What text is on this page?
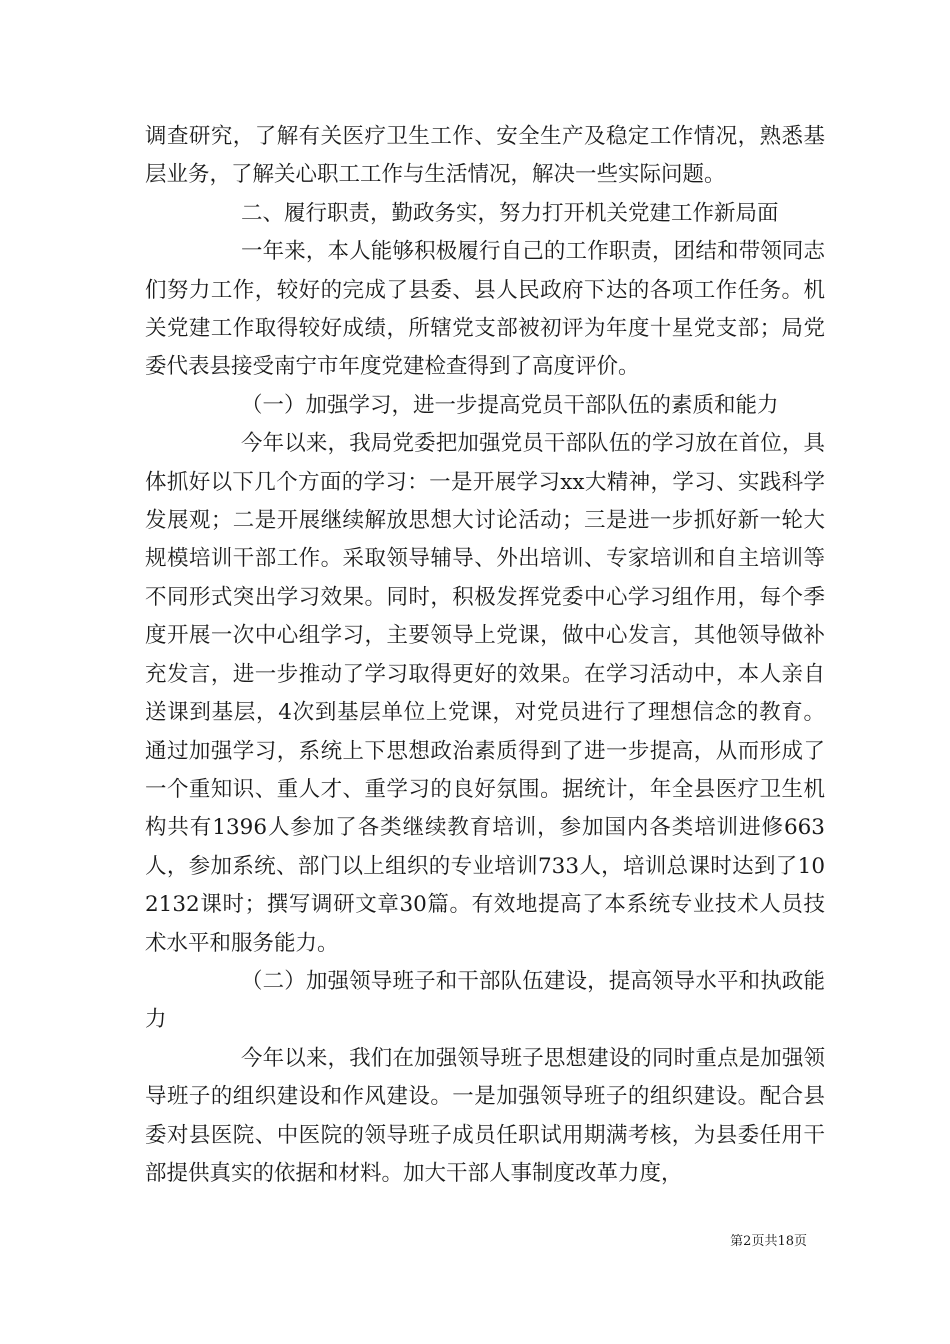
调查研究，了解有关医疗卫生工作、安全生产及稳定工作情况，熟悉基层业务，了解关心职工工作与生活情况，解决一些实际问题。

二、履行职责，勤政务实，努力打开机关党建工作新局面

一年来，本人能够积极履行自己的工作职责，团结和带领同志们努力工作，较好的完成了县委、县人民政府下达的各项工作任务。机关党建工作取得较好成绩，所辖党支部被初评为年度十星党支部；局党委代表县接受南宁市年度党建检查得到了高度评价。

（一）加强学习，进一步提高党员干部队伍的素质和能力

今年以来，我局党委把加强党员干部队伍的学习放在首位，具体抓好以下几个方面的学习：一是开展学习xx大精神，学习、实践科学发展观；二是开展继续解放思想大讨论活动；三是进一步抓好新一轮大规模培训干部工作。采取领导辅导、外出培训、专家培训和自主培训等不同形式突出学习效果。同时，积极发挥党委中心学习组作用，每个季度开展一次中心组学习，主要领导上党课，做中心发言，其他领导做补充发言，进一步推动了学习取得更好的效果。在学习活动中，本人亲自送课到基层，4次到基层单位上党课，对党员进行了理想信念的教育。通过加强学习，系统上下思想政治素质得到了进一步提高，从而形成了一个重知识、重人才、重学习的良好氛围。据统计，年全县医疗卫生机构共有1396人参加了各类继续教育培训，参加国内各类培训进修663人，参加系统、部门以上组织的专业培训733人，培训总课时达到了102132课时；撰写调研文章30篇。有效地提高了本系统专业技术人员技术水平和服务能力。

（二）加强领导班子和干部队伍建设，提高领导水平和执政能力

今年以来，我们在加强领导班子思想建设的同时重点是加强领导班子的组织建设和作风建设。一是加强领导班子的组织建设。配合县委对县医院、中医院的领导班子成员任职试用期满考核，为县委任用干部提供真实的依据和材料。加大干部人事制度改革力度，

第2页共18页
